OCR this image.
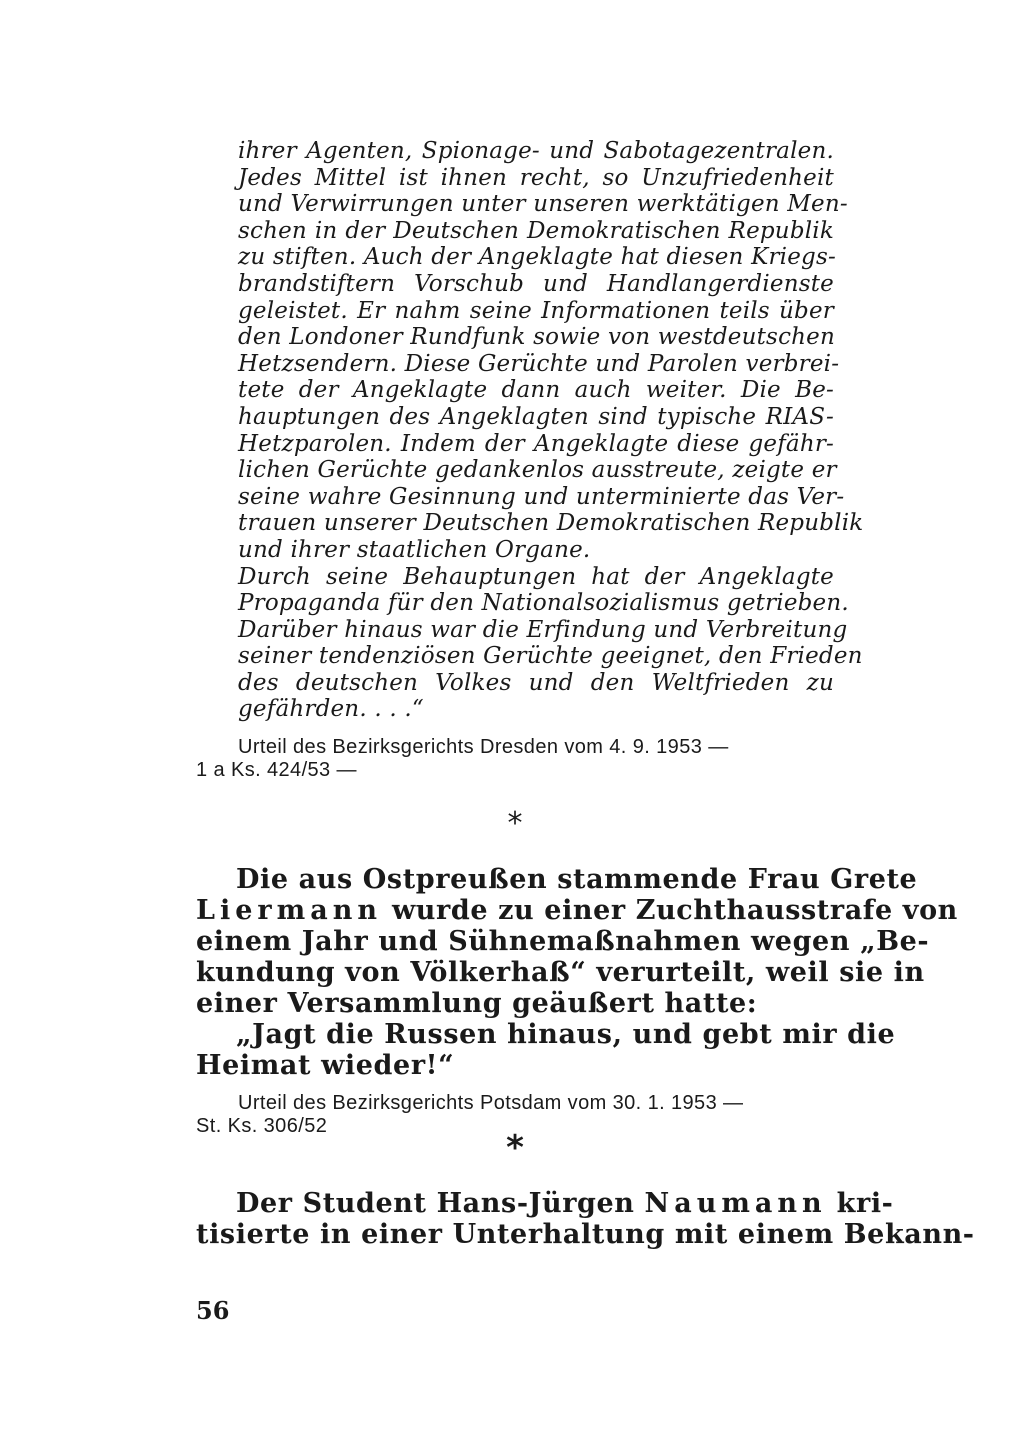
ihrer Agenten, Spionage- und Sabotagezentralen.
Jedes Mittel ist ihnen recht, so Unzufriedenheit
und Verwirrungen unter unseren werktätigen Men-
schen in der Deutschen Demokratischen Republik
zu stiften. Auch der Angeklagte hat diesen Kriegs-
brandstiftern Vorschub und Handlangerdienste
geleistet. Er nahm seine Informationen teils über
den Londoner Rundfunk sowie von westdeutschen
Hetzsendern. Diese Gerüchte und Parolen verbrei-
tete der Angeklagte dann auch weiter. Die Be-
hauptungen des Angeklagten sind typische RIAS-
Hetzparolen. Indem der Angeklagte diese gefähr-
lichen Gerüchte gedankenlos ausstreute, zeigte er
seine wahre Gesinnung und unterminierte das Ver-
trauen unserer Deutschen Demokratischen Republik
und ihrer staatlichen Organe.
Durch seine Behauptungen hat der Angeklagte
Propaganda für den Nationalsozialismus getrieben.
Darüber hinaus war die Erfindung und Verbreitung
seiner tendenziösen Gerüchte geeignet, den Frieden
des deutschen Volkes und den Weltfrieden zu
gefährden. . . .“
Urteil des Bezirksgerichts Dresden vom 4. 9. 1953 —
1 a Ks. 424/53 —
*
Die aus Ostpreußen stammende Frau Grete
Liermann wurde zu einer Zuchthausstrafe von
einem Jahr und Sühnemaßnahmen wegen „Be-
kundung von Völkerhaß“ verurteilt, weil sie in
einer Versammlung geäußert hatte:
„Jagt die Russen hinaus, und gebt mir die
Heimat wieder!“
Urteil des Bezirksgerichts Potsdam vom 30. 1. 1953 —
St. Ks. 306/52
*
Der Student Hans-Jürgen Naumann kri-
tisierte in einer Unterhaltung mit einem Bekann-
56
